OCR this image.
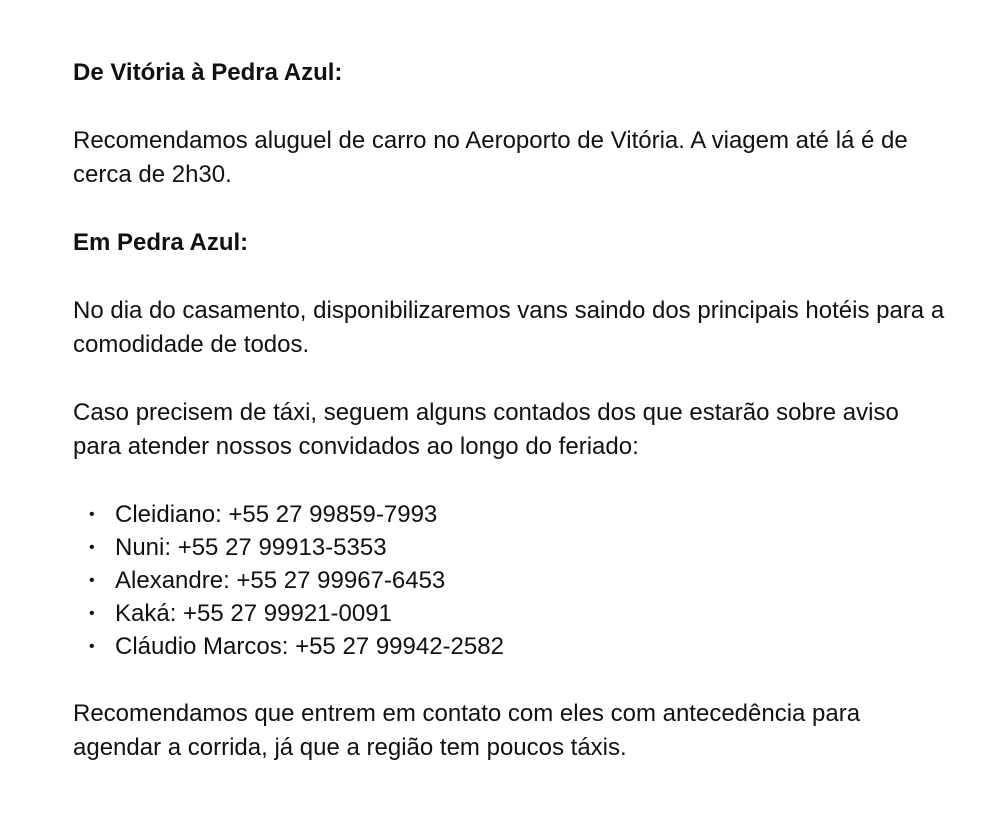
De Vitória à Pedra Azul:

Recomendamos aluguel de carro no Aeroporto de Vitória. A viagem até lá é de cerca de 2h30.

Em Pedra Azul:

No dia do casamento, disponibilizaremos vans saindo dos principais hotéis para a comodidade de todos.

Caso precisem de táxi, seguem alguns contados dos que estarão sobre aviso para atender nossos convidados ao longo do feriado:

• Cleidiano: +55 27 99859-7993
• Nuni: +55 27 99913-5353
• Alexandre: +55 27 99967-6453
• Kaká: +55 27 99921-0091
• Cláudio Marcos: +55 27 99942-2582

Recomendamos que entrem em contato com eles com antecedência para agendar a corrida, já que a região tem poucos táxis.
